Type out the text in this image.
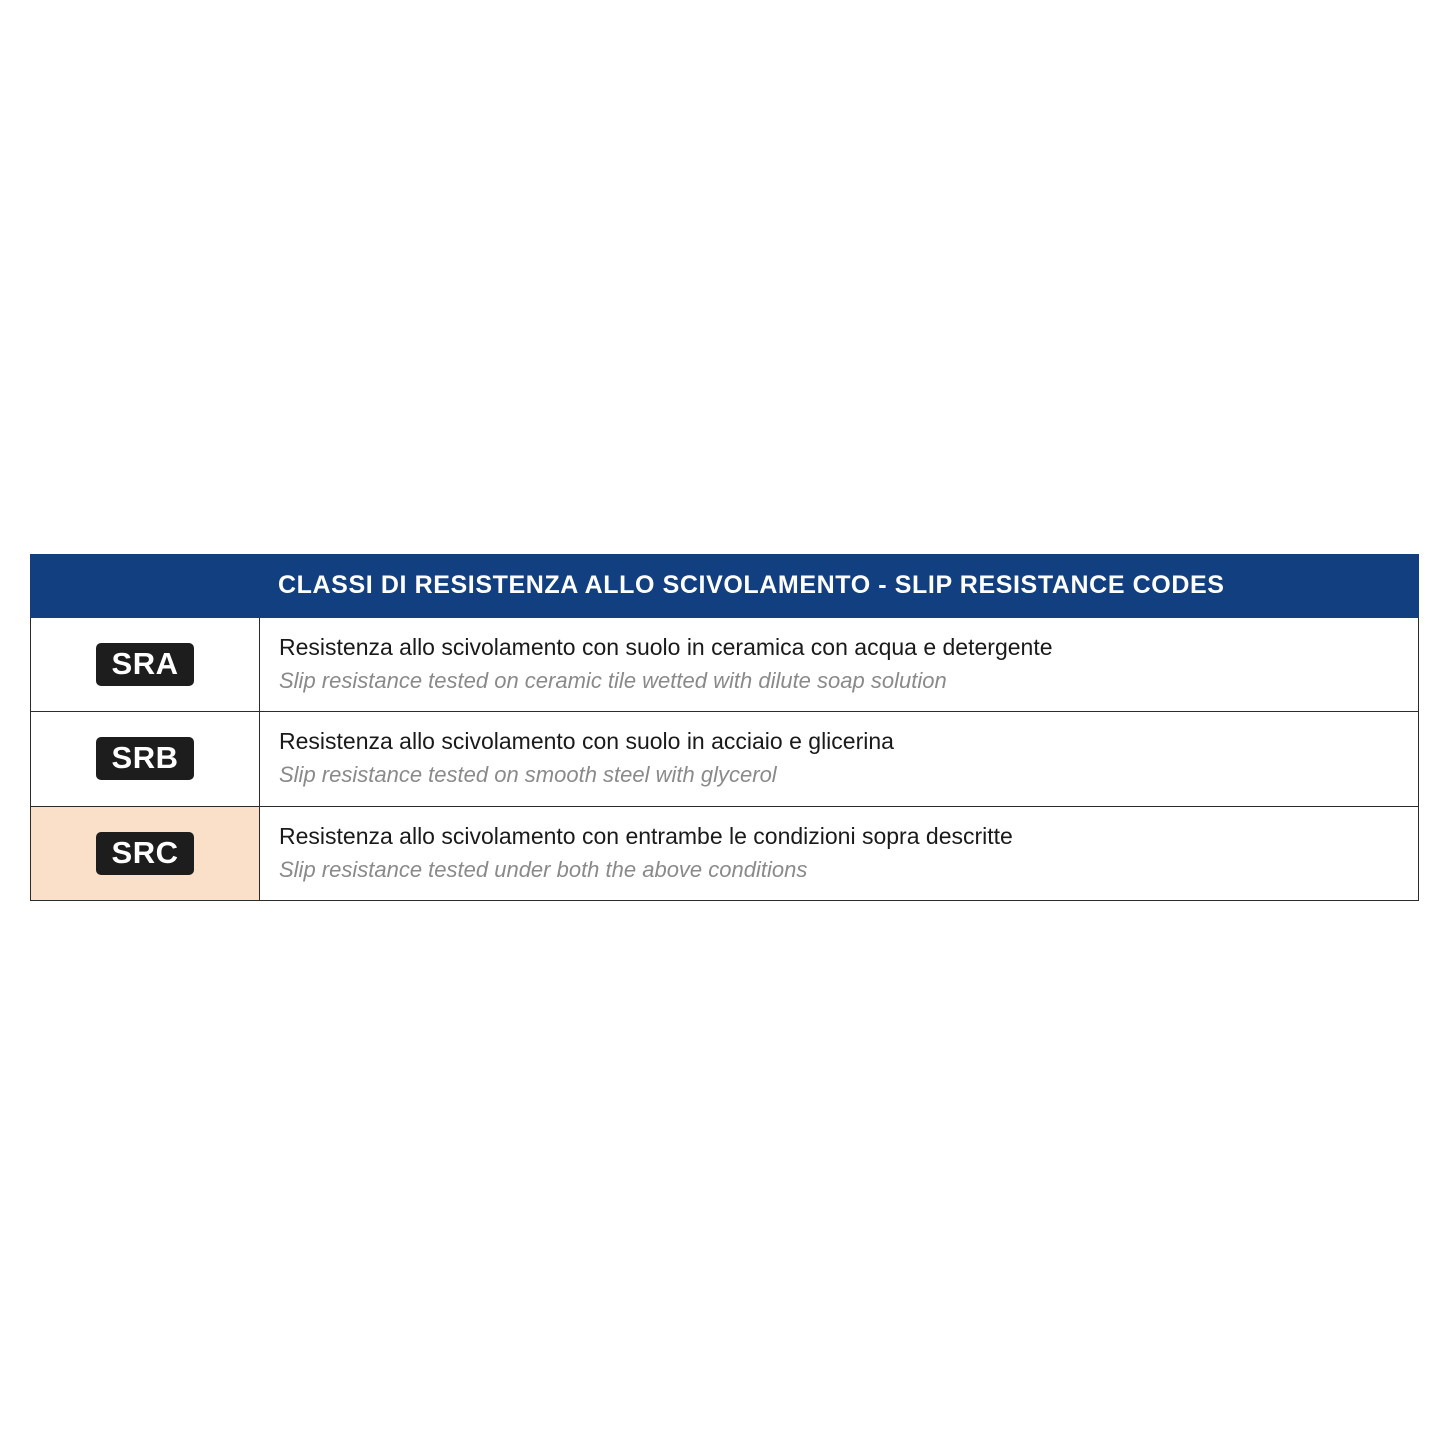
	CLASSI DI RESISTENZA ALLO SCIVOLAMENTO - SLIP RESISTANCE CODES
SRA	Resistenza allo scivolamento con suolo in ceramica con acqua e detergente
Slip resistance tested on ceramic tile wetted with dilute soap solution

SRB	Resistenza allo scivolamento con suolo in acciaio e glicerina
Slip resistance tested on smooth steel with glycerol

SRC	Resistenza allo scivolamento con entrambe le condizioni sopra descritte
Slip resistance tested under both the above conditions
